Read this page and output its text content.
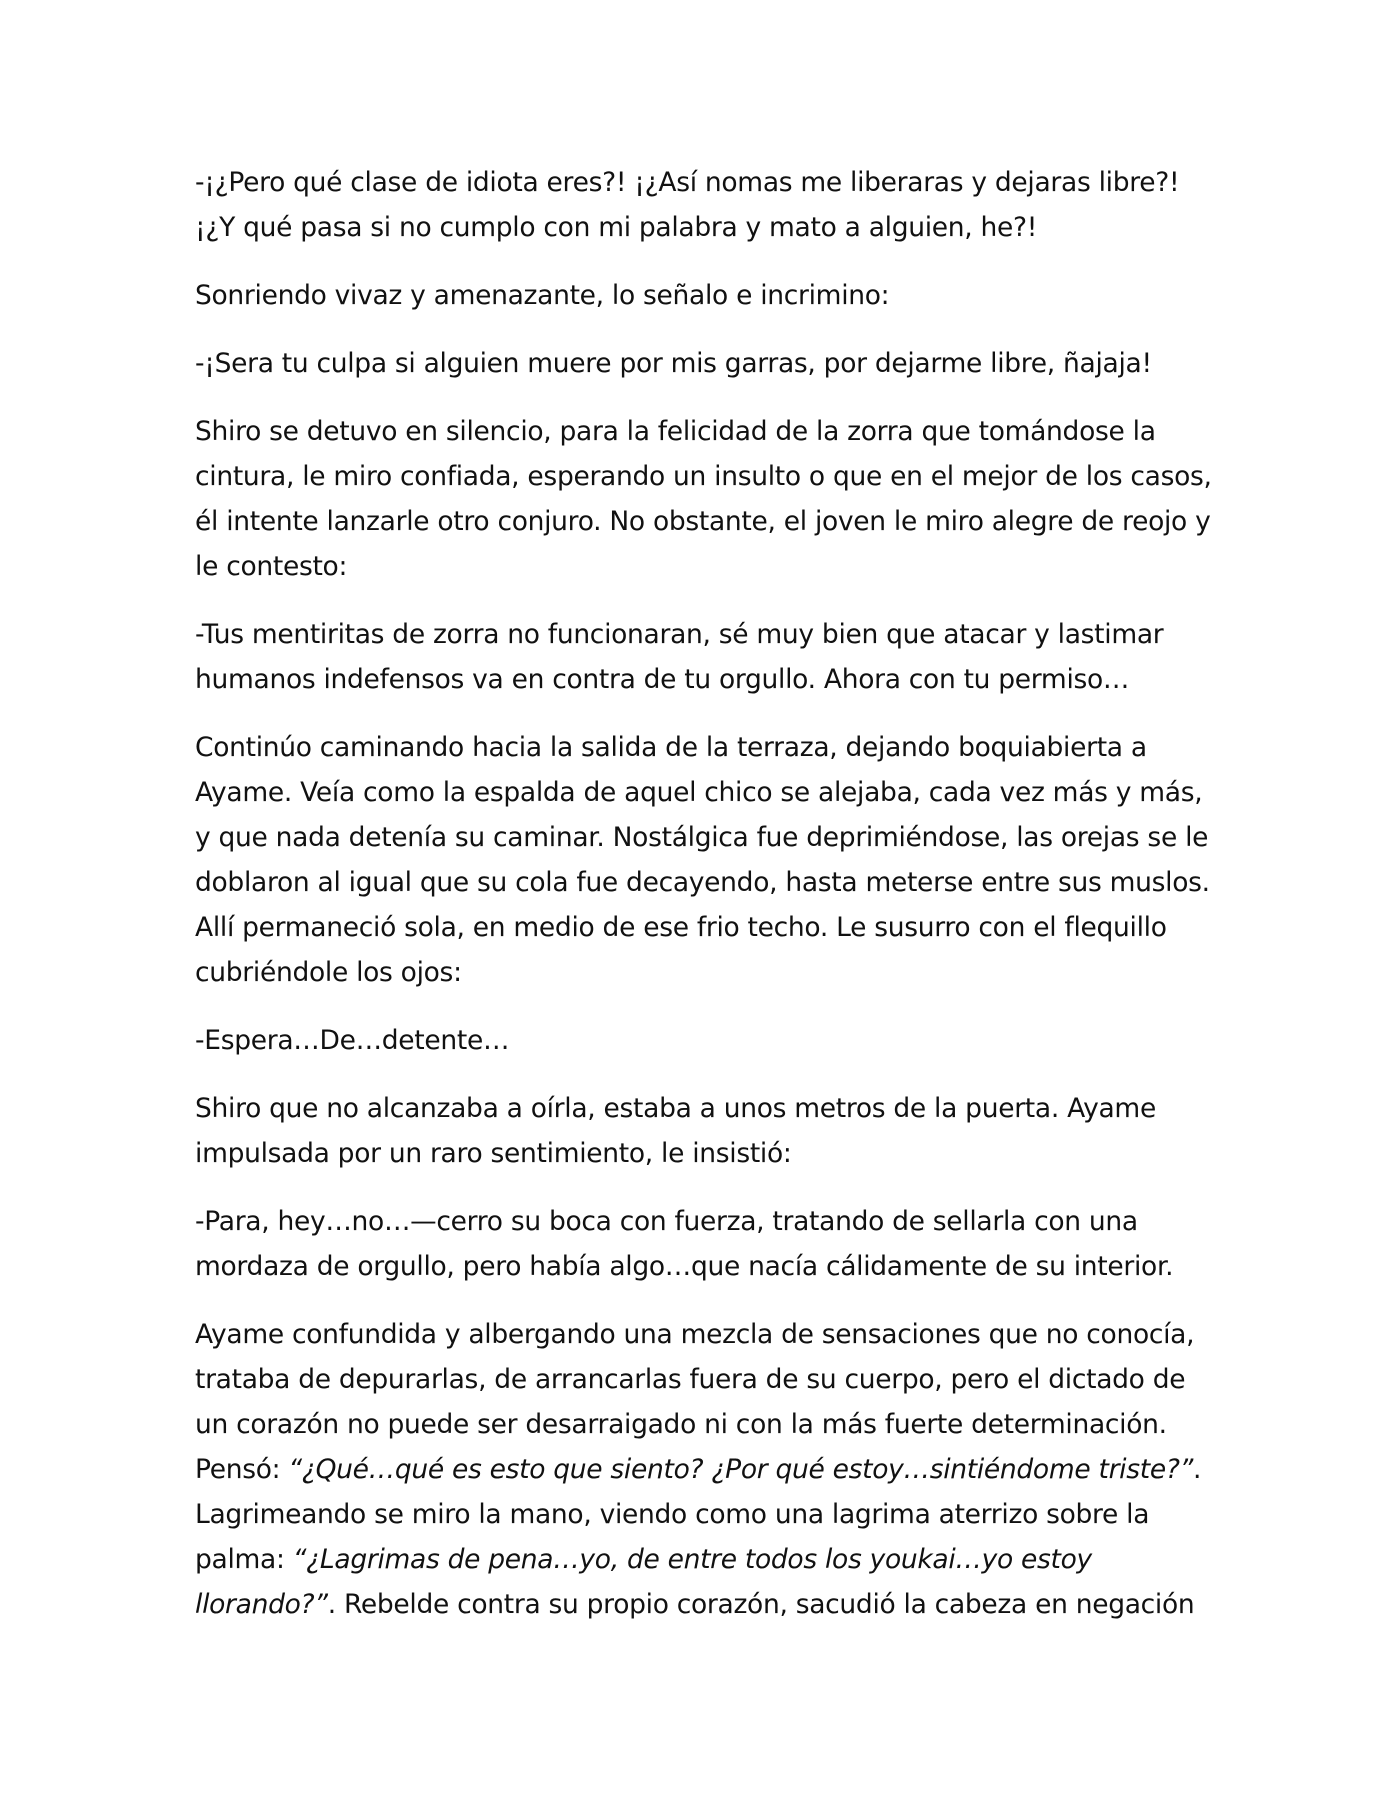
-¡¿Pero qué clase de idiota eres?! ¡¿Así nomas me liberaras y dejaras libre?!
¡¿Y qué pasa si no cumplo con mi palabra y mato a alguien, he?!

Sonriendo vivaz y amenazante, lo señalo e incrimino:

-¡Sera tu culpa si alguien muere por mis garras, por dejarme libre, ñajaja!

Shiro se detuvo en silencio, para la felicidad de la zorra que tomándose la cintura, le miro confiada, esperando un insulto o que en el mejor de los casos, él intente lanzarle otro conjuro. No obstante, el joven le miro alegre de reojo y le contesto:

-Tus mentiritas de zorra no funcionaran, sé muy bien que atacar y lastimar humanos indefensos va en contra de tu orgullo. Ahora con tu permiso…

Continúo caminando hacia la salida de la terraza, dejando boquiabierta a Ayame. Veía como la espalda de aquel chico se alejaba, cada vez más y más, y que nada detenía su caminar. Nostálgica fue deprimiéndose, las orejas se le doblaron al igual que su cola fue decayendo, hasta meterse entre sus muslos. Allí permaneció sola, en medio de ese frio techo. Le susurro con el flequillo cubriéndole los ojos:

-Espera…De…detente…

Shiro que no alcanzaba a oírla, estaba a unos metros de la puerta. Ayame impulsada por un raro sentimiento, le insistió:

-Para, hey…no…—cerro su boca con fuerza, tratando de sellarla con una mordaza de orgullo, pero había algo…que nacía cálidamente de su interior.

Ayame confundida y albergando una mezcla de sensaciones que no conocía, trataba de depurarlas, de arrancarlas fuera de su cuerpo, pero el dictado de un corazón no puede ser desarraigado ni con la más fuerte determinación. Pensó: “¿Qué…qué es esto que siento? ¿Por qué estoy…sintiéndome triste?”. Lagrimeando se miro la mano, viendo como una lagrima aterrizo sobre la palma: “¿Lagrimas de pena…yo, de entre todos los youkai…yo estoy llorando?”. Rebelde contra su propio corazón, sacudió la cabeza en negación
